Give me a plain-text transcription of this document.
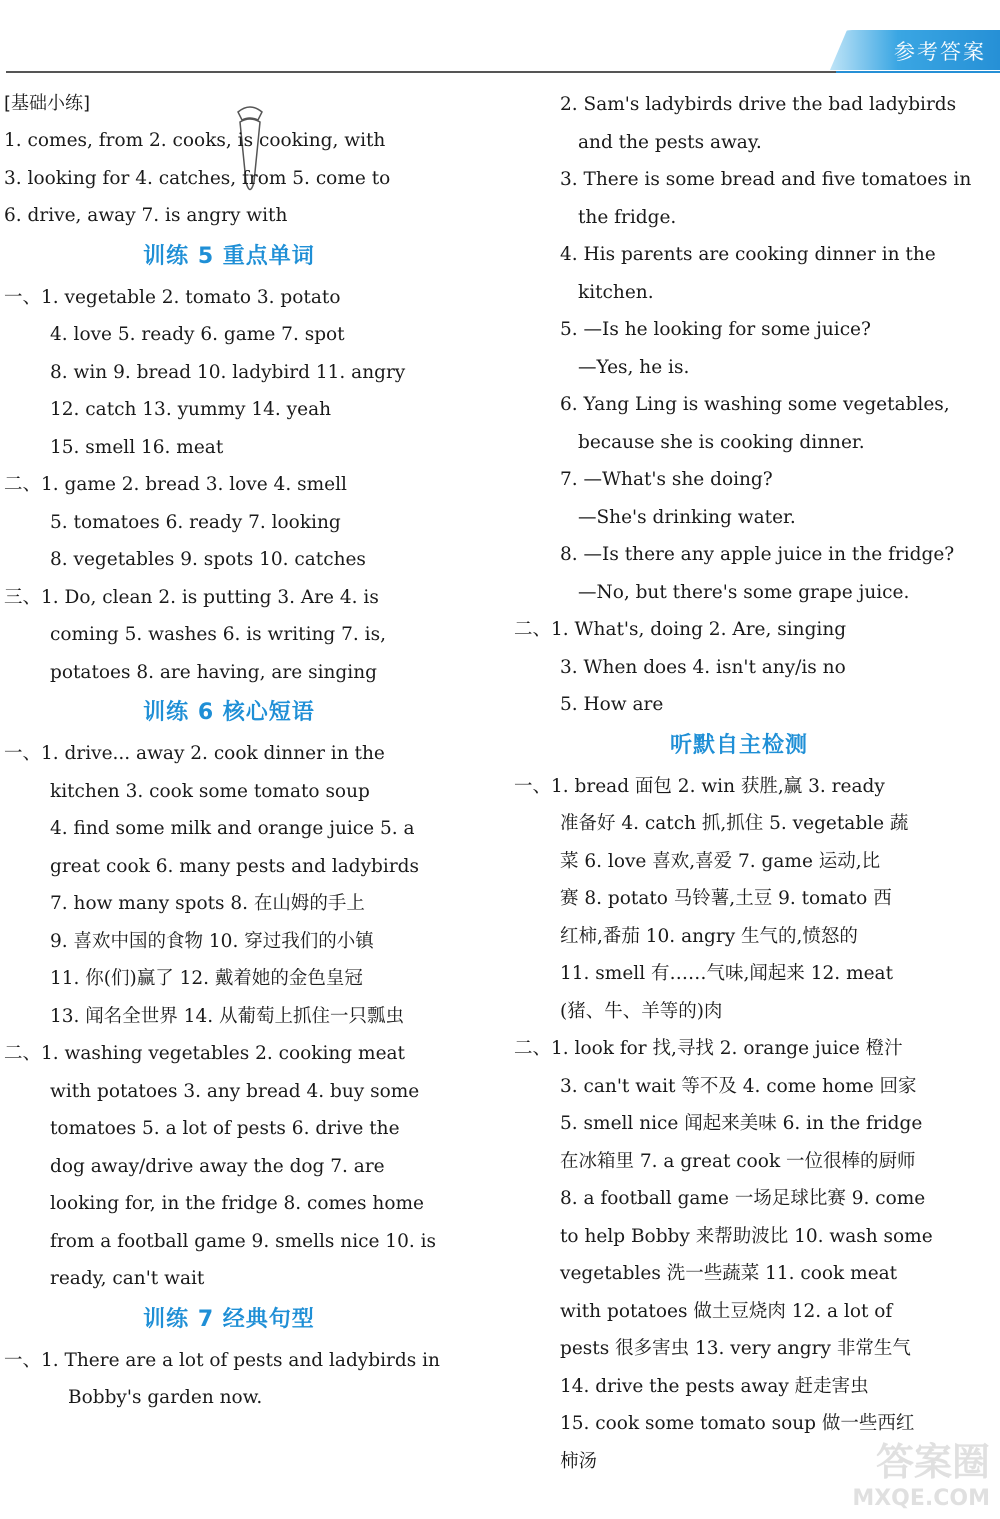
参考答案
[基础小练]
1. comes, from 2. cooks, is cooking, with
3. looking for 4. catches, from 5. come to
6. drive, away 7. is angry with
训练 5 重点单词
一、1. vegetable 2. tomato 3. potato
4. love 5. ready 6. game 7. spot
8. win 9. bread 10. ladybird 11. angry
12. catch 13. yummy 14. yeah
15. smell 16. meat
二、1. game 2. bread 3. love 4. smell
5. tomatoes 6. ready 7. looking
8. vegetables 9. spots 10. catches
三、1. Do, clean 2. is putting 3. Are 4. is
coming 5. washes 6. is writing 7. is,
potatoes 8. are having, are singing
训练 6 核心短语
一、1. drive... away 2. cook dinner in the
kitchen 3. cook some tomato soup
4. find some milk and orange juice 5. a
great cook 6. many pests and ladybirds
7. how many spots 8. 在山姆的手上
9. 喜欢中国的食物 10. 穿过我们的小镇
11. 你(们)赢了 12. 戴着她的金色皇冠
13. 闻名全世界 14. 从葡萄上抓住一只瓢虫
二、1. washing vegetables 2. cooking meat
with potatoes 3. any bread 4. buy some
tomatoes 5. a lot of pests 6. drive the
dog away/drive away the dog 7. are
looking for, in the fridge 8. comes home
from a football game 9. smells nice 10. is
ready, can't wait
训练 7 经典句型
一、1. There are a lot of pests and ladybirds in
Bobby's garden now.
2. Sam's ladybirds drive the bad ladybirds
and the pests away.
3. There is some bread and five tomatoes in
the fridge.
4. His parents are cooking dinner in the
kitchen.
5. —Is he looking for some juice?
—Yes, he is.
6. Yang Ling is washing some vegetables,
because she is cooking dinner.
7. —What's she doing?
—She's drinking water.
8. —Is there any apple juice in the fridge?
—No, but there's some grape juice.
二、1. What's, doing 2. Are, singing
3. When does 4. isn't any/is no
5. How are
听默自主检测
一、1. bread 面包 2. win 获胜,赢 3. ready
准备好 4. catch 抓,抓住 5. vegetable 蔬
菜 6. love 喜欢,喜爱 7. game 运动,比
赛 8. potato 马铃薯,土豆 9. tomato 西
红柿,番茄 10. angry 生气的,愤怒的
11. smell 有……气味,闻起来 12. meat
(猪、牛、羊等的)肉
二、1. look for 找,寻找 2. orange juice 橙汁
3. can't wait 等不及 4. come home 回家
5. smell nice 闻起来美味 6. in the fridge
在冰箱里 7. a great cook 一位很棒的厨师
8. a football game 一场足球比赛 9. come
to help Bobby 来帮助波比 10. wash some
vegetables 洗一些蔬菜 11. cook meat
with potatoes 做土豆烧肉 12. a lot of
pests 很多害虫 13. very angry 非常生气
14. drive the pests away 赶走害虫
15. cook some tomato soup 做一些西红
柿汤	答案圈
MXQE.COM
